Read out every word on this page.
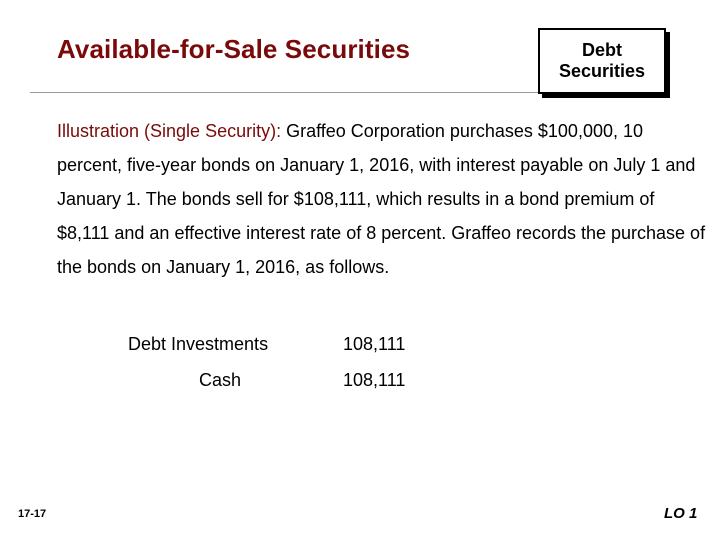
Available-for-Sale Securities	Debt
Securities
Illustration (Single Security): Graffeo Corporation purchases $100,000, 10 percent, five-year bonds on January 1, 2016, with interest payable on July 1 and January 1. The bonds sell for $108,111, which results in a bond premium of $8,111 and an effective interest rate of 8 percent. Graffeo records the purchase of the bonds on January 1, 2016, as follows.
Debt Investments	108,111
Cash	108,111
17-17	LO 1
